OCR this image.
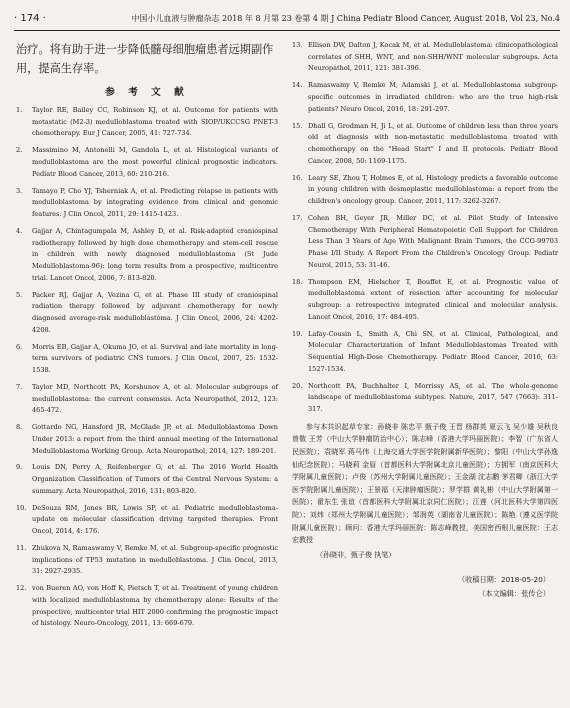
· 174 ·	中国小儿血液与肿瘤杂志 2018 年 8 月第 23 卷第 4 期 J China Pediatr Blood Cancer, August 2018, Vol 23, No.4

治疗。将有助于进一步降低髓母细胞瘤患者远期副作用，提高生存率。

参 考 文 献
1.	Taylor RE, Bailey CC, Robinson KJ, et al. Outcome for patients with metastatic (M2-3) medulloblastoma treated with SIOP/UKCCSG PNET-3 chemotherapy. Eur J Cancer, 2005, 41: 727-734.
2.	Massimino M, Antonelli M, Gandola L, et al. Histological variants of medulloblastoma are the most powerful clinical prognostic indicators. Pediatr Blood Cancer, 2013, 60: 210-216.
3.	Tamayo P, Cho YJ, Tsherniak A, et al. Predicting relapse in patients with medulloblastoma by integrating evidence from clinical and genomic features. J Clin Oncol, 2011, 29: 1415-1423.
4.	Gajjar A, Chintagumpala M, Ashley D, et al. Risk-adapted craniospinal radiotherapy followed by high dose chemotherapy and stem-cell rescue in children with newly diagnosed medulloblastoma (St Jude Medulloblastoma-96): long term results from a prospective, multicentre trial. Lancet Oncol, 2006, 7: 813-820.
5.	Packer RJ, Gajjar A, Vezina G, et al. Phase III study of craniospinal radiation therapy followed by adjuvant chemotherapy for newly diagnosed average-risk medulloblastoma. J Clin Oncol, 2006, 24: 4202-4208.
6.	Morris EB, Gajjar A, Okuma JO, et al. Survival and late mortality in long-term survivors of pediatric CNS tumors. J Clin Oncol, 2007, 25: 1532-1538.
7.	Taylor MD, Northcott PA, Korshunov A, et al. Molecular subgroups of medulloblastoma: the current consensus. Acta Neuropathol, 2012, 123: 465-472.
8.	Gottardo NG, Hansford JR, McGlade JP, et al. Medulloblastoma Down Under 2013: a report from the third annual meeting of the International Medulloblastoma Working Group. Acta Neuropathol, 2014, 127: 189-201.
9.	Louis DN, Perry A, Reifenberger G, et al. The 2016 World Health Organization Classification of Tumors of the Central Nervous System: a summary. Acta Neuropathol, 2016, 131: 803-820.
10. DeSouza RM, Jones BR, Lowis SP, et al. Pediatric medulloblastoma-update on molecular classification driving targeted therapies. Front Oncol, 2014, 4: 176.
11. Zhukova N, Ramaswamy V, Remke M, et al. Subgroup-specific prognostic implications of TP53 mutation in medulloblastoma. J Clin Oncol, 2013, 31: 2927-2935.
12. von Bueren AO, von Hoff K, Pietsch T, et al. Treatment of young children with localized medulloblastoma by chemotherapy alone: Results of the prospective, multicenter trial HIT 2000 confirming the prognostic impact of histology. Neuro-Oncology, 2011, 13: 669-679.
13. Ellison DW, Dalton J, Kocak M, et al. Medulloblastoma: clinicopathological correlates of SHH, WNT, and non-SHH/WNT molecular subgroups. Acta Neuropathol, 2011, 121: 381-396.
14. Ramaswamy V, Remke M, Adamski J, et al. Medulloblastoma subgroup-specific outcomes in irradiated children: who are the true high-risk patients? Neuro Oncol, 2016, 18: 291-297.
15. Dhall G, Grodman H, Ji L, et al. Outcome of children less than three years old at diagnosis with non-metastatic medulloblastoma treated with chemotherapy on the "Head Start" I and II protocols. Pediatr Blood Cancer, 2008, 50: 1169-1175.
16. Leary SE, Zhou T, Holmes E, et al. Histology predicts a favorable outcome in young children with desmoplastic medulloblastoma: a report from the children's oncology group. Cancer, 2011, 117: 3262-3267.
17. Cohen BH, Geyer JR, Miller DC, et al. Pilot Study of Intensive Chemotherapy With Peripheral Hematopoietic Cell Support for Children Less Than 3 Years of Age With Malignant Brain Tumors, the CCG-99703 Phase I/II Study. A Report From the Children's Oncology Group. Pediatr Neurol, 2015, 53: 31-46.
18. Thompson EM, Hielscher T, Bouffet E, et al. Prognostic value of medulloblastoma extent of resection after accounting for molecular subgroup: a retrospective integrated clinical and molecular analysis. Lancet Oncol, 2016, 17: 484-495.
19. Lafay-Cousin L, Smith A, Chi SN, et al. Clinical, Pathological, and Molecular Characterization of Infant Medulloblastomas Treated with Sequential High-Dose Chemotherapy. Pediatr Blood Cancer, 2016, 63: 1527-1534.
20. Northcott PA, Buchhalter I, Morrissy AS, et al. The whole-genome landscape of medulloblastoma subtypes. Nature, 2017, 547 (7663): 311-317.

参与本共识起草专家：孙晓非 陈忠平 甄子俊 王晋 杨群英 夏云飞 吴少雄 吴秋良 曾敬 王芳（中山大学肿瘤防治中心）；陈志峰（香港大学玛丽医院）；李智（广东省人民医院）；袁晓军 蒋马伟（上海交通大学医学院附属新华医院）；黎阳（中山大学孙逸仙纪念医院）；马晓莉 金眉（首都医科大学附属北京儿童医院）；方拥军（南京医科大学附属儿童医院）；卢俊（苏州大学附属儿童医院）；王金湖 沈志鹏 茅君卿（浙江大学医学院附属儿童医院）；王景福（天津肿瘤医院）；罗学群 黄礼彬（中山大学附属第一医院）；翟东生 张谊（首都医科大学附属北京同仁医院）；江莲（河北医科大学第四医院）；刘炜（郑州大学附属儿童医院）；邹润英（湖南省儿童医院）；陈艳（遵义医学院附属儿童医院）；顾问：香港大学玛丽医院：陈志峰教授，美国密西根儿童医院：王志宏教授

（孙晓非，甄子俊 执笔）
（收稿日期：2018-05-20）
（本文编辑：张传仑）
